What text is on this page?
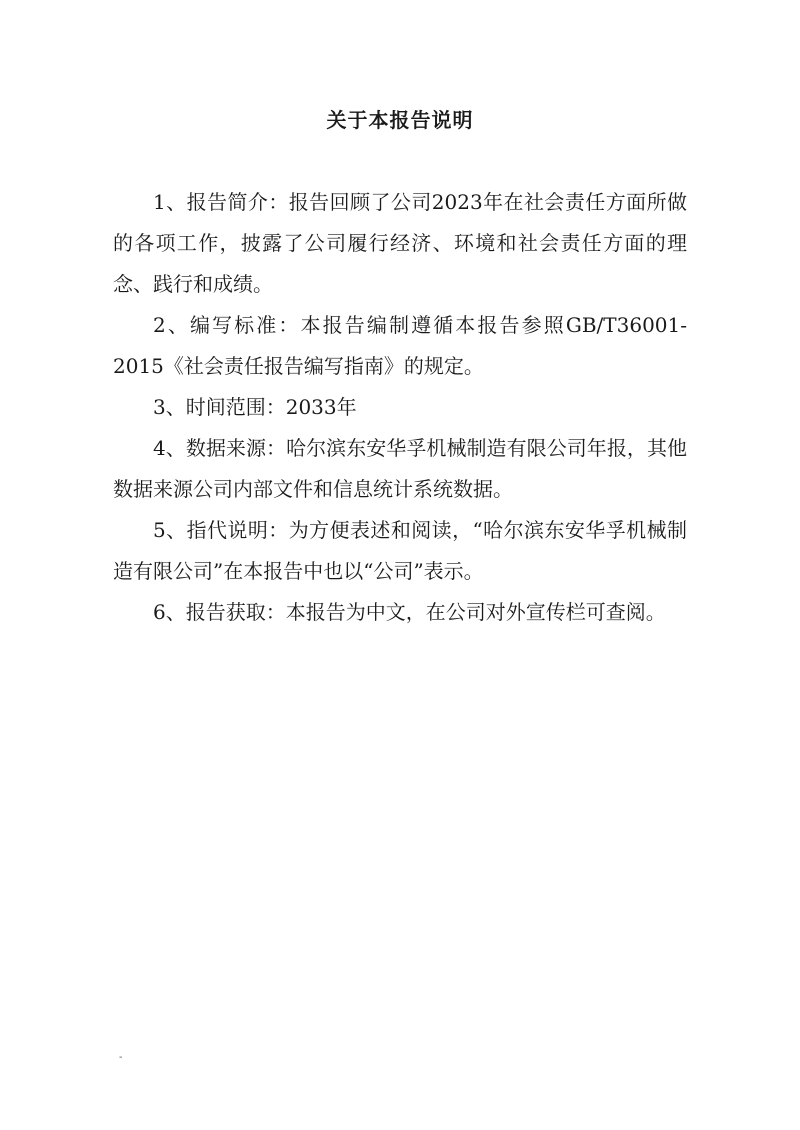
关于本报告说明

1、报告简介：报告回顾了公司2023年在社会责任方面所做的各项工作，披露了公司履行经济、环境和社会责任方面的理念、践行和成绩。

2、编写标准：本报告编制遵循本报告参照GB/T36001-2015《社会责任报告编写指南》的规定。

3、时间范围：2033年

4、数据来源：哈尔滨东安华孚机械制造有限公司年报，其他数据来源公司内部文件和信息统计系统数据。

5、指代说明：为方便表述和阅读，“哈尔滨东安华孚机械制造有限公司”在本报告中也以“公司”表示。

6、报告获取：本报告为中文，在公司对外宣传栏可查阅。

-
